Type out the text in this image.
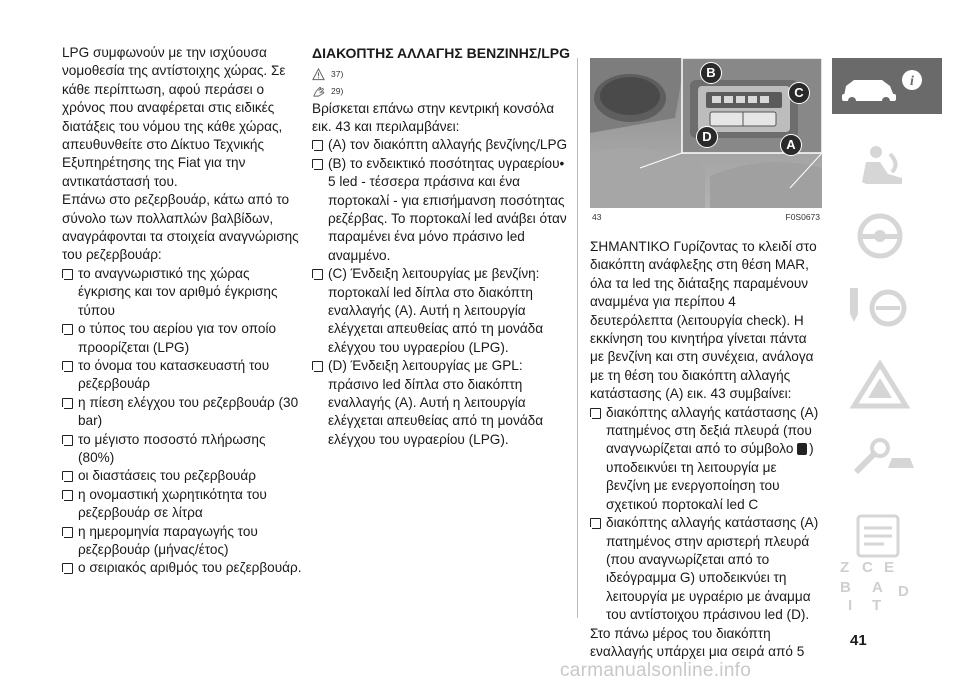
LPG συμφωνούν με την ισχύουσα νομοθεσία της αντίστοιχης χώρας. Σε κάθε περίπτωση, αφού περάσει ο χρόνος που αναφέρεται στις ειδικές διατάξεις του νόμου της κάθε χώρας, απευθυνθείτε στο Δίκτυο Τεχνικής Εξυπηρέτησης της Fiat για την αντικατάστασή του.

Επάνω στο ρεζερβουάρ, κάτω από το σύνολο των πολλαπλών βαλβίδων, αναγράφονται τα στοιχεία αναγνώρισης του ρεζερβουάρ:

το αναγνωριστικό της χώρας έγκρισης και τον αριθμό έγκρισης τύπου
ο τύπος του αερίου για τον οποίο προορίζεται (LPG)
το όνομα του κατασκευαστή του ρεζερβουάρ
η πίεση ελέγχου του ρεζερβουάρ (30 bar)
το μέγιστο ποσοστό πλήρωσης (80%)
οι διαστάσεις του ρεζερβουάρ
η ονομαστική χωρητικότητα του ρεζερβουάρ σε λίτρα
η ημερομηνία παραγωγής του ρεζερβουάρ (μήνας/έτος)
ο σειριακός αριθμός του ρεζερβουάρ.

ΔΙΑΚΟΠΤΗΣ ΑΛΛΑΓΗΣ ΒΕΝΖΙΝΗΣ/LPG

37)
29)

Βρίσκεται επάνω στην κεντρική κονσόλα εικ. 43 και περιλαμβάνει:

(A) τον διακόπτη αλλαγής βενζίνης/LPG
(B) το ενδεικτικό ποσότητας υγραερίου• 5 led - τέσσερα πράσινα και ένα πορτοκαλί - για επισήμανση ποσότητας ρεζέρβας. Το πορτοκαλί led ανάβει όταν παραμένει ένα μόνο πράσινο led αναμμένο.
(C) Ένδειξη λειτουργίας με βενζίνη: πορτοκαλί led δίπλα στο διακόπτη εναλλαγής (A). Αυτή η λειτουργία ελέγχεται απευθείας από τη μονάδα ελέγχου του υγραερίου (LPG).
(D) Ένδειξη λειτουργίας με GPL: πράσινο led δίπλα στο διακόπτη εναλλαγής (A). Αυτή η λειτουργία ελέγχεται απευθείας από τη μονάδα ελέγχου του υγραερίου (LPG).
B
C
D
A
43	F0S0673

ΣΗΜΑΝΤΙΚΟ Γυρίζοντας το κλειδί στο διακόπτη ανάφλεξης στη θέση MAR, όλα τα led της διάταξης παραμένουν αναμμένα για περίπου 4 δευτερόλεπτα (λειτουργία check). Η εκκίνηση του κινητήρα γίνεται πάντα με βενζίνη και στη συνέχεια, ανάλογα με τη θέση του διακόπτη αλλαγής κατάστασης (A) εικ. 43 συμβαίνει:

διακόπτης αλλαγής κατάστασης (A) πατημένος στη δεξιά πλευρά (που αναγνωρίζεται από το σύμβολο ) υποδεικνύει τη λειτουργία με βενζίνη με ενεργοποίηση του σχετικού πορτοκαλί led C
διακόπτης αλλαγής κατάστασης (A) πατημένος στην αριστερή πλευρά (που αναγνωρίζεται από το ιδεόγραμμα G) υποδεικνύει τη λειτουργία με υγραέριο με άναμμα του αντίστοιχου πράσινου led (D).

Στο πάνω μέρος του διακόπτη εναλλαγής υπάρχει μια σειρά από 5

i
Z C E
B A D
I T
41
carmanualsonline.info
